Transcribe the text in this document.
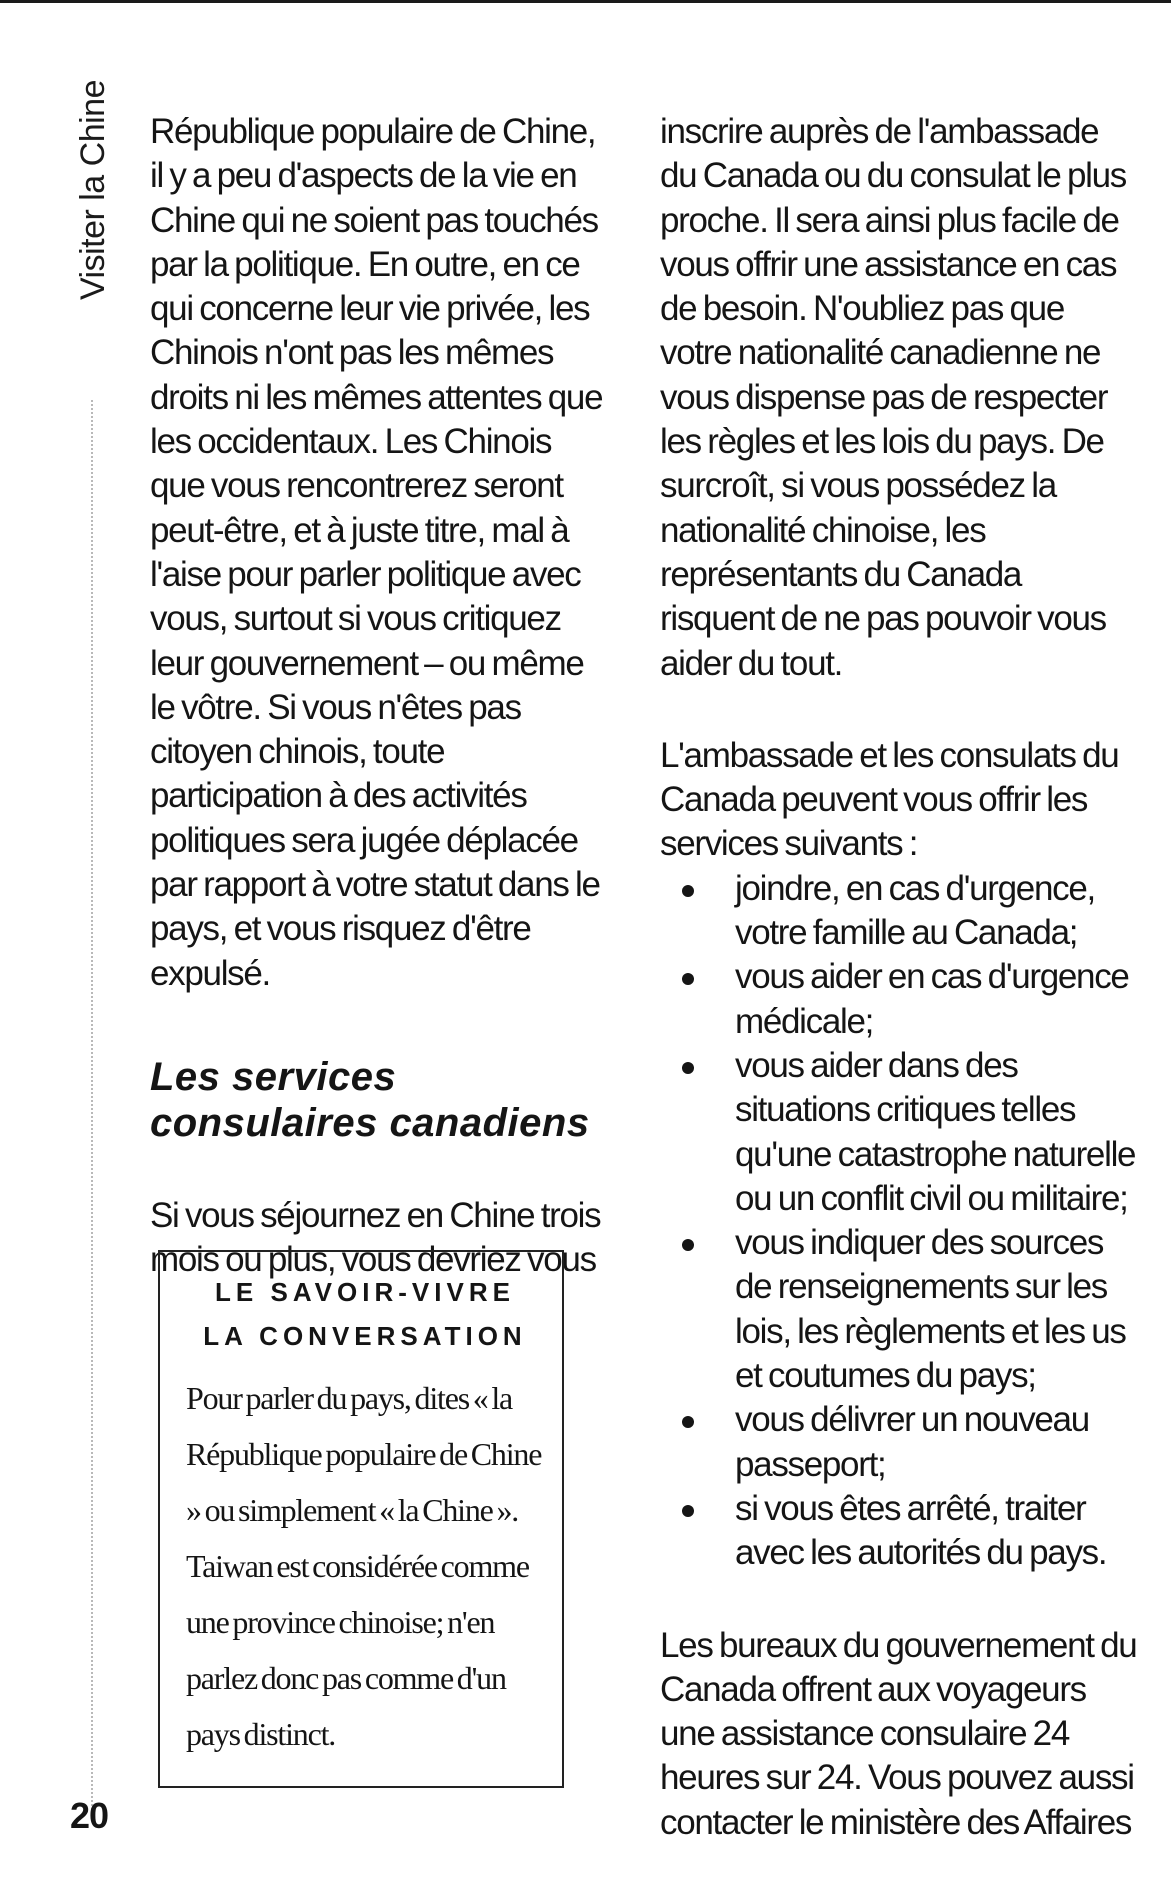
Visiter la Chine République populaire de Chine, il y a peu d'aspects de la vie en Chine qui ne soient pas touchés par la politique. En outre, en ce qui concerne leur vie privée, les Chinois n'ont pas les mêmes droits ni les mêmes attentes que les occidentaux. Les Chinois que vous rencontrerez seront peut-être, et à juste titre, mal à l'aise pour parler politique avec vous, surtout si vous critiquez leur gouvernement – ou même le vôtre. Si vous n'êtes pas citoyen chinois, toute participation à des activités politiques sera jugée déplacée par rapport à votre statut dans le pays, et vous risquez d'être expulsé.

Les services consulaires canadiens

Si vous séjournez en Chine trois mois ou plus, vous devriez vous

LE SAVOIR-VIVRE
LA CONVERSATION
Pour parler du pays, dites « la République populaire de Chine » ou simplement « la Chine ». Taiwan est considérée comme une province chinoise; n'en parlez donc pas comme d'un pays distinct.

inscrire auprès de l'ambassade du Canada ou du consulat le plus proche. Il sera ainsi plus facile de vous offrir une assistance en cas de besoin. N'oubliez pas que votre nationalité canadienne ne vous dispense pas de respecter les règles et les lois du pays. De surcroît, si vous possédez la nationalité chinoise, les représentants du Canada risquent de ne pas pouvoir vous aider du tout.

L'ambassade et les consulats du Canada peuvent vous offrir les services suivants :

joindre, en cas d'urgence, votre famille au Canada;
vous aider en cas d'urgence médicale;
vous aider dans des situations critiques telles qu'une catastrophe naturelle ou un conflit civil ou militaire;
vous indiquer des sources de renseignements sur les lois, les règlements et les us et coutumes du pays;
vous délivrer un nouveau passeport;
si vous êtes arrêté, traiter avec les autorités du pays.

Les bureaux du gouvernement du Canada offrent aux voyageurs une assistance consulaire 24 heures sur 24. Vous pouvez aussi contacter le ministère des Affaires

20
